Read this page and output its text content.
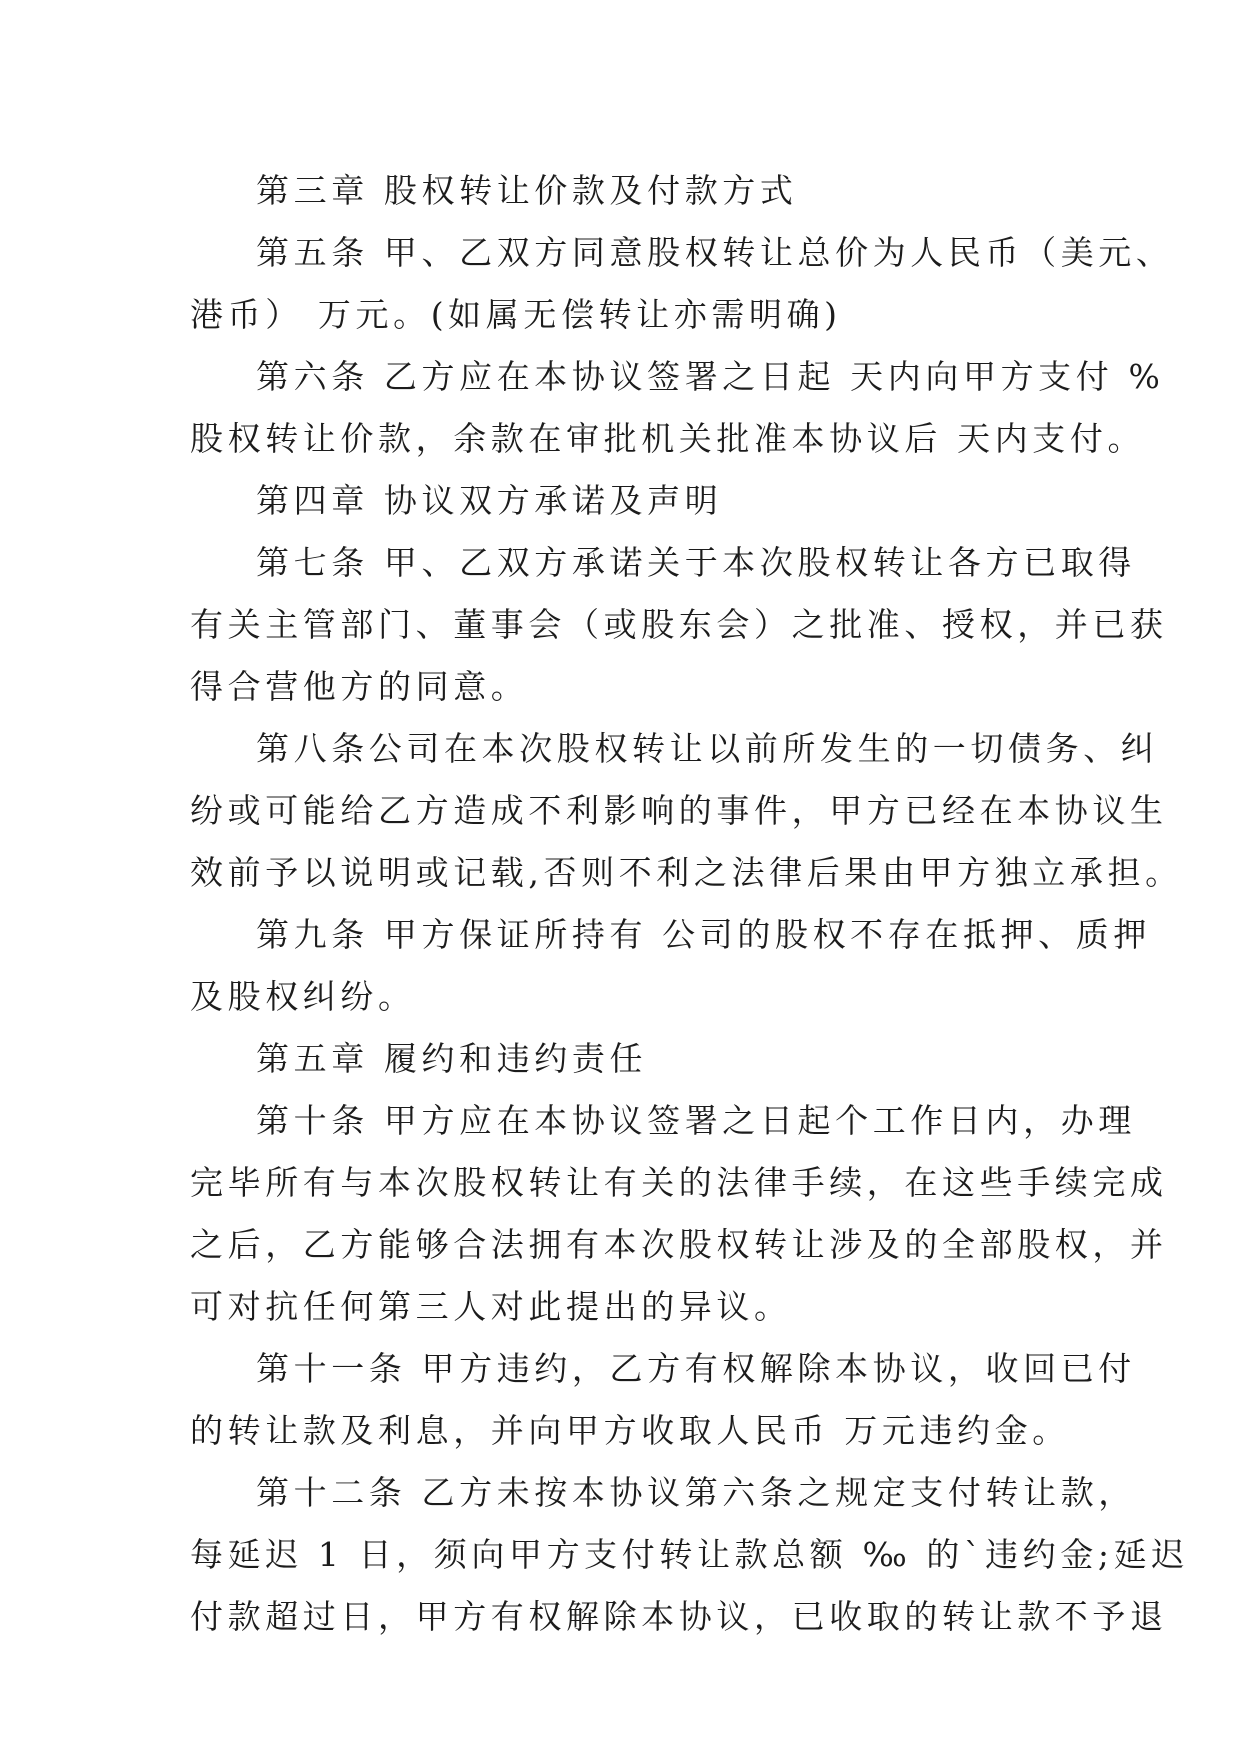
第三章 股权转让价款及付款方式
第五条 甲、乙双方同意股权转让总价为人民币（美元、
港币） 万元。(如属无偿转让亦需明确)
第六条 乙方应在本协议签署之日起 天内向甲方支付 %
股权转让价款，余款在审批机关批准本协议后 天内支付。
第四章 协议双方承诺及声明
第七条 甲、乙双方承诺关于本次股权转让各方已取得
有关主管部门、董事会（或股东会）之批准、授权，并已获
得合营他方的同意。
第八条公司在本次股权转让以前所发生的一切债务、纠
纷或可能给乙方造成不利影响的事件，甲方已经在本协议生
效前予以说明或记载,否则不利之法律后果由甲方独立承担。
第九条 甲方保证所持有 公司的股权不存在抵押、质押
及股权纠纷。
第五章 履约和违约责任
第十条 甲方应在本协议签署之日起个工作日内，办理
完毕所有与本次股权转让有关的法律手续，在这些手续完成
之后，乙方能够合法拥有本次股权转让涉及的全部股权，并
可对抗任何第三人对此提出的异议。
第十一条 甲方违约，乙方有权解除本协议，收回已付
的转让款及利息，并向甲方收取人民币 万元违约金。
第十二条 乙方未按本协议第六条之规定支付转让款，
每延迟 1 日，须向甲方支付转让款总额 ‰ 的`违约金;延迟
付款超过日，甲方有权解除本协议，已收取的转让款不予退
